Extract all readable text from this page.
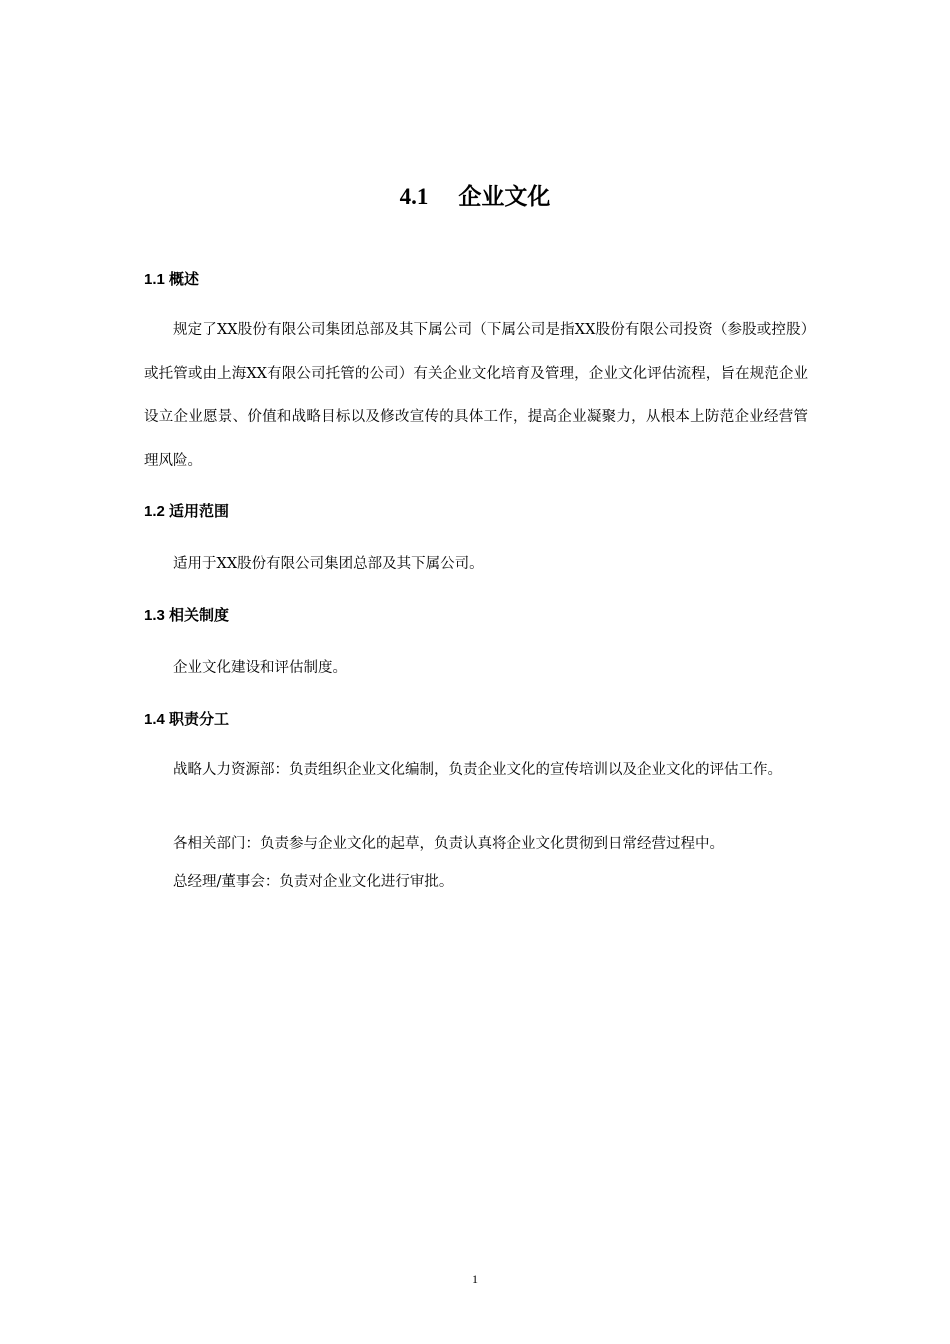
4.1 企业文化
1.1 概述
规定了XX股份有限公司集团总部及其下属公司（下属公司是指XX股份有限公司投资（参股或控股）或托管或由上海XX有限公司托管的公司）有关企业文化培育及管理，企业文化评估流程，旨在规范企业设立企业愿景、价值和战略目标以及修改宣传的具体工作，提高企业凝聚力，从根本上防范企业经营管理风险。
1.2 适用范围
适用于XX股份有限公司集团总部及其下属公司。
1.3 相关制度
企业文化建设和评估制度。
1.4 职责分工
战略人力资源部：负责组织企业文化编制，负责企业文化的宣传培训以及企业文化的评估工作。
各相关部门：负责参与企业文化的起草，负责认真将企业文化贯彻到日常经营过程中。
总经理/董事会：负责对企业文化进行审批。
1
